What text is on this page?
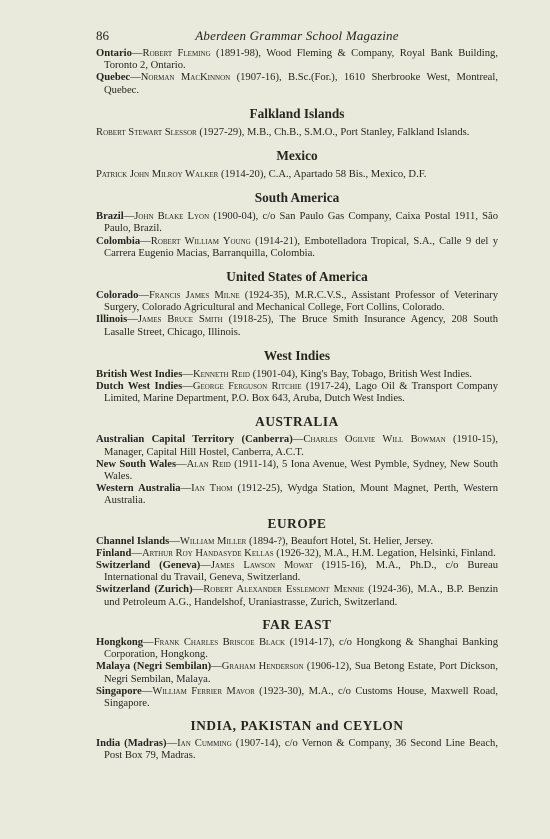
86	Aberdeen Grammar School Magazine

Ontario—Robert Fleming (1891-98), Wood Fleming & Company, Royal Bank Building, Toronto 2, Ontario.

Quebec—Norman MacKinnon (1907-16), B.Sc.(For.), 1610 Sherbrooke West, Montreal, Quebec.

Falkland Islands

Robert Stewart Slessor (1927-29), M.B., Ch.B., S.M.O., Port Stanley, Falkland Islands.

Mexico

Patrick John Milroy Walker (1914-20), C.A., Apartado 58 Bis., Mexico, D.F.

South America

Brazil—John Blake Lyon (1900-04), c/o San Paulo Gas Company, Caixa Postal 1911, São Paulo, Brazil.

Colombia—Robert William Young (1914-21), Embotelladora Tropical, S.A., Calle 9 del y Carrera Eugenio Macias, Barranquilla, Colombia.

United States of America

Colorado—Francis James Milne (1924-35), M.R.C.V.S., Assistant Professor of Veterinary Surgery, Colorado Agricultural and Mechanical College, Fort Collins, Colorado.

Illinois—James Bruce Smith (1918-25), The Bruce Smith Insurance Agency, 208 South Lasalle Street, Chicago, Illinois.

West Indies

British West Indies—Kenneth Reid (1901-04), King's Bay, Tobago, British West Indies.

Dutch West Indies—George Ferguson Ritchie (1917-24), Lago Oil & Transport Company Limited, Marine Department, P.O. Box 643, Aruba, Dutch West Indies.

AUSTRALIA

Australian Capital Territory (Canberra)—Charles Ogilvie Will Bowman (1910-15), Manager, Capital Hill Hostel, Canberra, A.C.T.

New South Wales—Alan Reid (1911-14), 5 Iona Avenue, West Pymble, Sydney, New South Wales.

Western Australia—Ian Thom (1912-25), Wydga Station, Mount Magnet, Perth, Western Australia.

EUROPE

Channel Islands—William Miller (1894-?), Beaufort Hotel, St. Helier, Jersey.

Finland—Arthur Roy Handasyde Kellas (1926-32), M.A., H.M. Legation, Helsinki, Finland.

Switzerland (Geneva)—James Lawson Mowat (1915-16), M.A., Ph.D., c/o Bureau International du Travail, Geneva, Switzerland.

Switzerland (Zurich)—Robert Alexander Esslemont Mennie (1924-36), M.A., B.P. Benzin und Petroleum A.G., Handelshof, Uraniastrasse, Zurich, Switzerland.

FAR EAST

Hongkong—Frank Charles Briscoe Black (1914-17), c/o Hongkong & Shanghai Banking Corporation, Hongkong.

Malaya (Negri Sembilan)—Graham Henderson (1906-12), Sua Betong Estate, Port Dickson, Negri Sembilan, Malaya.

Singapore—William Ferrier Mavor (1923-30), M.A., c/o Customs House, Maxwell Road, Singapore.

INDIA, PAKISTAN and CEYLON

India (Madras)—Ian Cumming (1907-14), c/o Vernon & Company, 36 Second Line Beach, Post Box 79, Madras.
